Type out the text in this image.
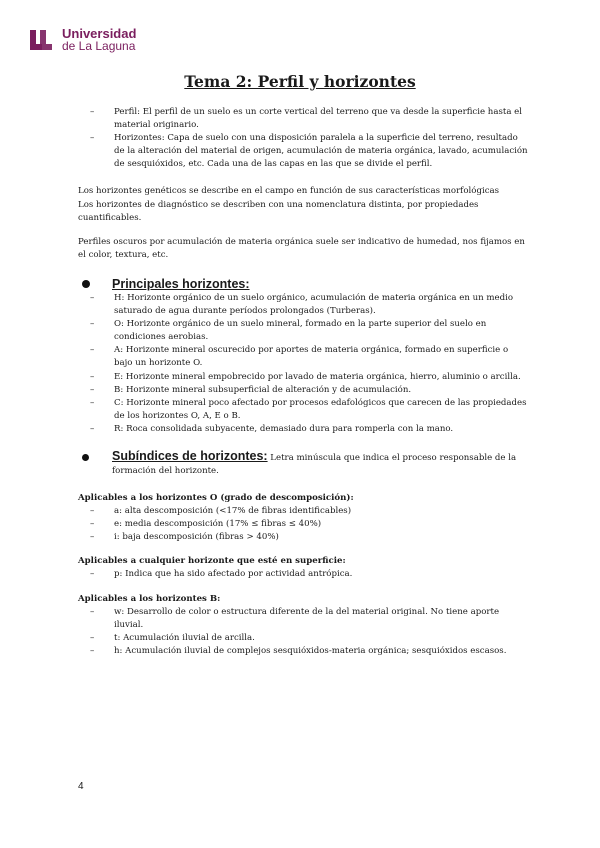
Universidad
de La Laguna
Tema 2: Perfil y horizontes
– Perfil: El perfil de un suelo es un corte vertical del terreno que va desde la superficie hasta el material originario.
– Horizontes: Capa de suelo con una disposición paralela a la superficie del terreno, resultado de la alteración del material de origen, acumulación de materia orgánica, lavado, acumulación de sesquióxidos, etc. Cada una de las capas en las que se divide el perfil.

Los horizontes genéticos se describe en el campo en función de sus características morfológicas

Los horizontes de diagnóstico se describen con una nomenclatura distinta, por propiedades cuantificables.

Perfiles oscuros por acumulación de materia orgánica suele ser indicativo de humedad, nos fijamos en el color, textura, etc.

Principales horizontes:
– H: Horizonte orgánico de un suelo orgánico, acumulación de materia orgánica en un medio saturado de agua durante períodos prolongados (Turberas).
– O: Horizonte orgánico de un suelo mineral, formado en la parte superior del suelo en condiciones aerobias.
– A: Horizonte mineral oscurecido por aportes de materia orgánica, formado en superficie o bajo un horizonte O.
– E: Horizonte mineral empobrecido por lavado de materia orgánica, hierro, aluminio o arcilla.
– B: Horizonte mineral subsuperficial de alteración y de acumulación.
– C: Horizonte mineral poco afectado por procesos edafológicos que carecen de las propiedades de los horizontes O, A, E o B.
– R: Roca consolidada subyacente, demasiado dura para romperla con la mano.
Subíndices de horizontes: Letra minúscula que indica el proceso responsable de la formación del horizonte.

Aplicables a los horizontes O (grado de descomposición):

– a: alta descomposición (<17% de fibras identificables)
– e: media descomposición (17% ≤ fibras ≤ 40%)
– i: baja descomposición (fibras > 40%)

Aplicables a cualquier horizonte que esté en superficie:

– p: Indica que ha sido afectado por actividad antrópica.

Aplicables a los horizontes B:

– w: Desarrollo de color o estructura diferente de la del material original. No tiene aporte iluvial.
– t: Acumulación iluvial de arcilla.
– h: Acumulación iluvial de complejos sesquióxidos-materia orgánica; sesquióxidos escasos.
4
